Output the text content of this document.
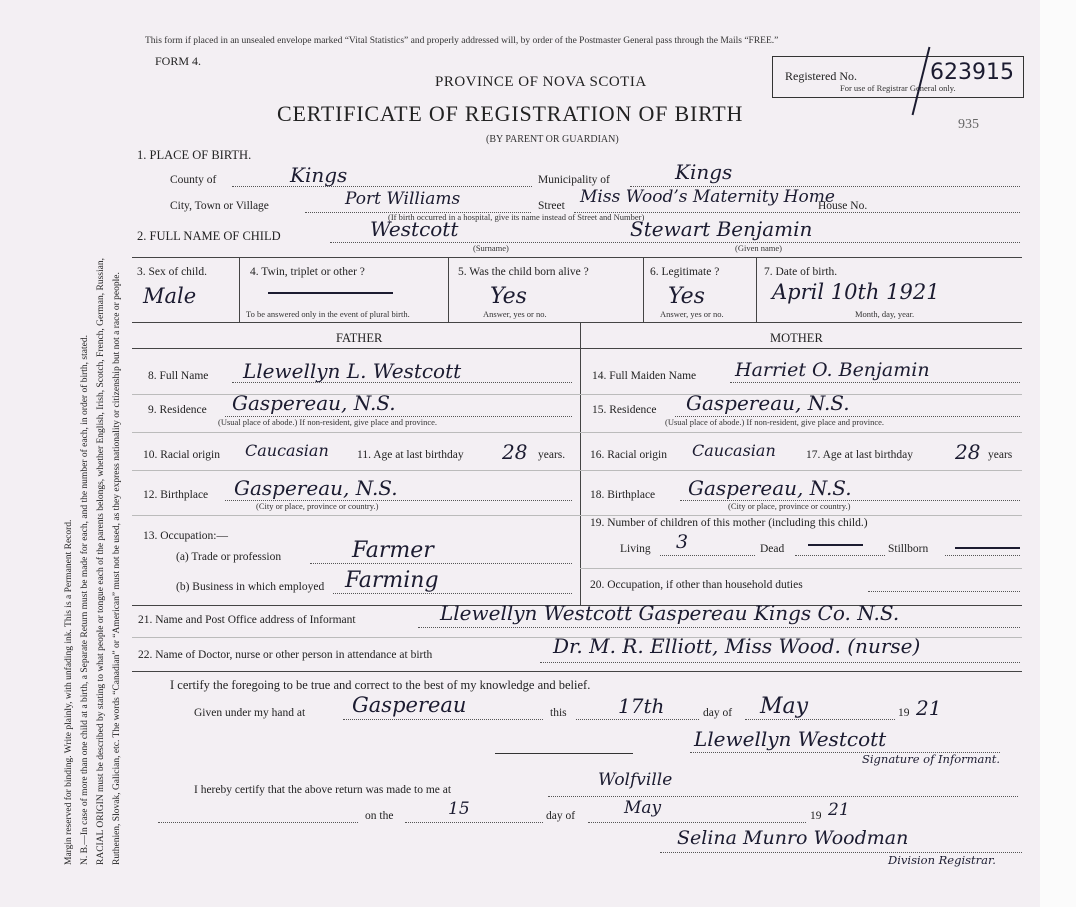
Margin reserved for binding. Write plainly, with unfading ink. This is a Permanent Record. N. B.—In case of more than one child at a birth, a Separate Return must be made for each, and the number of each, in order of birth, stated. RACIAL ORIGIN must be described by stating to what people or tongue each of the parents belongs, whether English, Irish, Scotch, French, German, Russian, Ruthenien, Slovak, Galician, etc. The words “Canadian” or “American” must not be used, as they express nationality or citizenship but not a race or people.
This form if placed in an unsealed envelope marked “Vital Statistics” and properly addressed will, by order of the Postmaster General pass through the Mails “FREE.”
FORM 4.
Registered No.
For use of Registrar General only.
623915
935
PROVINCE OF NOVA SCOTIA
CERTIFICATE OF REGISTRATION OF BIRTH
(BY PARENT OR GUARDIAN)
1. PLACE OF BIRTH.
County of	Kings	Municipality of	Kings
City, Town or Village	Port Williams	Street Miss Wood’s Maternity Home
House No.
(If birth occurred in a hospital, give its name instead of Street and Number)
2. FULL NAME OF CHILD	Westcott	Stewart Benjamin
(Surname)	(Given name)
3. Sex of child.
Male
4. Twin, triplet or other ?
To be answered only in the event of plural birth.
5. Was the child born alive ?
Yes
Answer, yes or no.
6. Legitimate ?
Yes
Answer, yes or no.
7. Date of birth.
April 10th 1921
Month, day, year.
FATHER	MOTHER
8. Full Name Llewellyn L. Westcott
9. Residence Gaspereau, N.S.
(Usual place of abode.) If non-resident, give place and province.
10. Racial origin Caucasian 11. Age at last birthday 28 years.
12. Birthplace Gaspereau, N.S.
(City or place, province or country.)
13. Occupation:—
(a) Trade or profession	Farmer
(b) Business in which employed Farming
14. Full Maiden Name Harriet O. Benjamin
15. Residence Gaspereau, N.S.
(Usual place of abode.) If non-resident, give place and province.
16. Racial origin Caucasian	17. Age at last birthday 28 years
18. Birthplace Gaspereau, N.S.
(City or place, province or country.)
19. Number of children of this mother (including this child.)
Living 3	Dead	Stillborn
20. Occupation, if other than household duties
21. Name and Post Office address of Informant	Llewellyn Westcott Gaspereau Kings Co. N.S.
22. Name of Doctor, nurse or other person in attendance at birth	Dr. M. R. Elliott, Miss Wood. (nurse)
I certify the foregoing to be true and correct to the best of my knowledge and belief.
Given under my hand at Gaspereau	this	17th	day of May	19 21
Llewellyn Westcott
Signature of Informant.
I hereby certify that the above return was made to me at	Wolfville
on the	15	day of	May	19 21
Selina Munro Woodman
Division Registrar.
